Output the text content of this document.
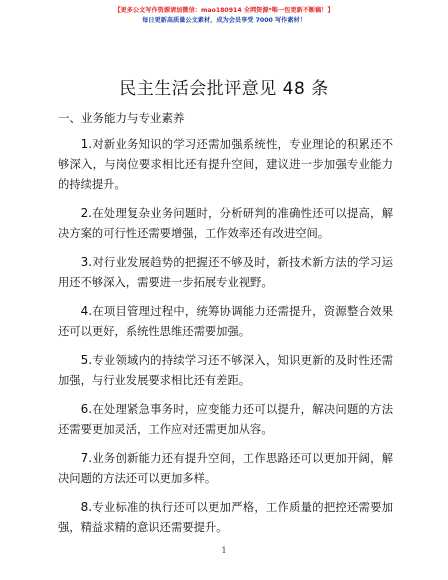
【更多公文写作资源请加微信：mao180914 全网资源*唯一包更新不断稿！】
每日更新高质量公文素材，成为会员享受 7000 写作素材！
民主生活会批评意见 48 条
一、业务能力与专业素养

1.对新业务知识的学习还需加强系统性，专业理论的积累还不够深入，与岗位要求相比还有提升空间，建议进一步加强专业能力的持续提升。

2.在处理复杂业务问题时，分析研判的准确性还可以提高，解决方案的可行性还需要增强，工作效率还有改进空间。

3.对行业发展趋势的把握还不够及时，新技术新方法的学习运用还不够深入，需要进一步拓展专业视野。

4.在项目管理过程中，统筹协调能力还需提升，资源整合效果还可以更好，系统性思维还需要加强。

5.专业领域内的持续学习还不够深入，知识更新的及时性还需加强，与行业发展要求相比还有差距。

6.在处理紧急事务时，应变能力还可以提升，解决问题的方法还需要更加灵活，工作应对还需更加从容。

7.业务创新能力还有提升空间，工作思路还可以更加开阔，解决问题的方法还可以更加多样。

8.专业标准的执行还可以更加严格，工作质量的把控还需要加强，精益求精的意识还需要提升。

1
